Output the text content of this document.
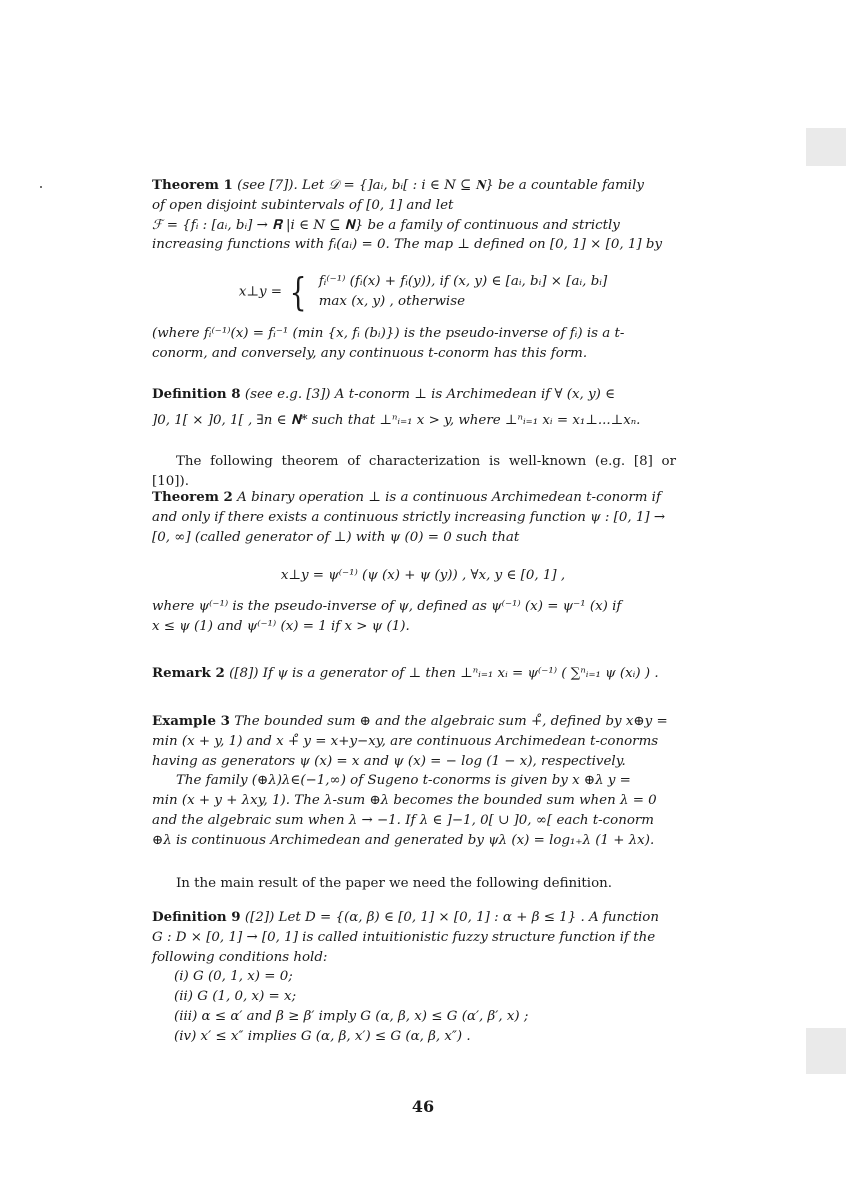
Theorem 1 (see [7]). Let 𝒟 = {]aᵢ, bᵢ[ : i ∈ N ⊆ 𝐍} be a countable family

of open disjoint subintervals of [0, 1] and let

ℱ = {fᵢ : [aᵢ, bᵢ] → 𝐑 |i ∈ N ⊆ 𝐍} be a family of continuous and strictly

increasing functions with fᵢ(aᵢ) = 0. The map ⊥ defined on [0, 1] × [0, 1] by

x⊥y = { fᵢ⁽⁻¹⁾ (fᵢ(x) + fᵢ(y)), if (x, y) ∈ [aᵢ, bᵢ] × [aᵢ, bᵢ]
max (x, y) , otherwise

(where fᵢ⁽⁻¹⁾(x) = fᵢ⁻¹ (min {x, fᵢ (bᵢ)}) is the pseudo-inverse of fᵢ) is a t-

conorm, and conversely, any continuous t-conorm has this form.

Definition 8 (see e.g. [3]) A t-conorm ⊥ is Archimedean if ∀ (x, y) ∈

]0, 1[ × ]0, 1[ , ∃n ∈ 𝐍* such that ⊥ⁿᵢ₌₁ x > y, where ⊥ⁿᵢ₌₁ xᵢ = x₁⊥...⊥xₙ.

The following theorem of characterization is well-known (e.g. [8] or [10]).

Theorem 2 A binary operation ⊥ is a continuous Archimedean t-conorm if

and only if there exists a continuous strictly increasing function ψ : [0, 1] →

[0, ∞] (called generator of ⊥) with ψ (0) = 0 such that

x⊥y = ψ⁽⁻¹⁾ (ψ (x) + ψ (y)) , ∀x, y ∈ [0, 1] ,

where ψ⁽⁻¹⁾ is the pseudo-inverse of ψ, defined as ψ⁽⁻¹⁾ (x) = ψ⁻¹ (x) if

x ≤ ψ (1) and ψ⁽⁻¹⁾ (x) = 1 if x > ψ (1).

Remark 2 ([8]) If ψ is a generator of ⊥ then ⊥ⁿᵢ₌₁ xᵢ = ψ⁽⁻¹⁾ ( ∑ⁿᵢ₌₁ ψ (xᵢ) ) .

Example 3 The bounded sum ⊕ and the algebraic sum +̊, defined by x⊕y =

min (x + y, 1) and x +̊ y = x+y−xy, are continuous Archimedean t-conorms

having as generators ψ (x) = x and ψ (x) = − log (1 − x), respectively.

The family (⊕λ)λ∈(−1,∞) of Sugeno t-conorms is given by x ⊕λ y =

min (x + y + λxy, 1). The λ-sum ⊕λ becomes the bounded sum when λ = 0

and the algebraic sum when λ → −1. If λ ∈ ]−1, 0[ ∪ ]0, ∞[ each t-conorm

⊕λ is continuous Archimedean and generated by ψλ (x) = log₁₊λ (1 + λx).

In the main result of the paper we need the following definition.

Definition 9 ([2]) Let D = {(α, β) ∈ [0, 1] × [0, 1] : α + β ≤ 1} . A function

G : D × [0, 1] → [0, 1] is called intuitionistic fuzzy structure function if the

following conditions hold:

(i) G (0, 1, x) = 0;

(ii) G (1, 0, x) = x;

(iii) α ≤ α′ and β ≥ β′ imply G (α, β, x) ≤ G (α′, β′, x) ;

(iv) x′ ≤ x″ implies G (α, β, x′) ≤ G (α, β, x″) .

46
